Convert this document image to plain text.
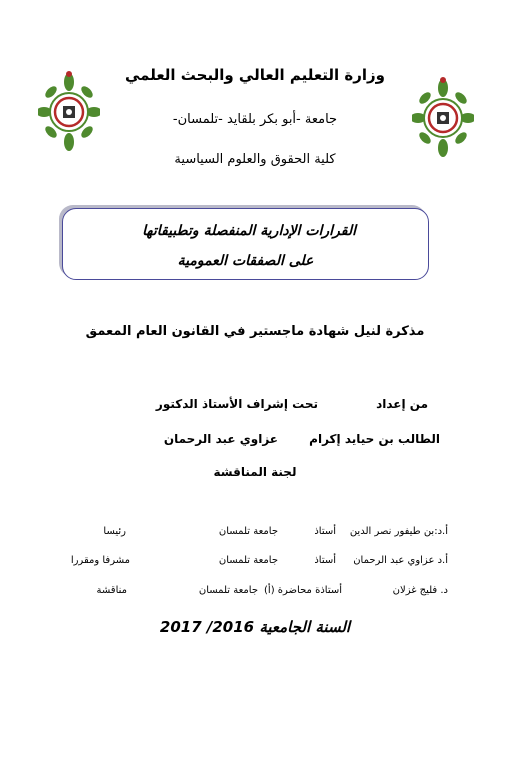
وزارة التعليم العالي والبحث العلمي
جامعة -أبو بكر بلقايد -تلمسان-
كلية الحقوق والعلوم السياسية
القرارات الإدارية المنفصلة وتطبيقاتها
على الصفقات العمومية
مذكرة لنيل شهادة ماجستير في القانون العام المعمق
من إعداد
تحت إشراف الأستاذ الدكتور
الطالب بن حيايد إكرام
عزاوي عبد الرحمان
لجنة المناقشة
أ.د:بن طيفور نصر الدين
أستاذ
جامعة تلمسان
رئيسا
أ.د عزاوي عبد الرحمان
أستاذ
جامعة تلمسان
مشرفا ومقررا
د. فليج غزلان
أستاذة محاضرة (أ)
جامعة تلمسان
مناقشة
السنة الجامعية 2016/ 2017
